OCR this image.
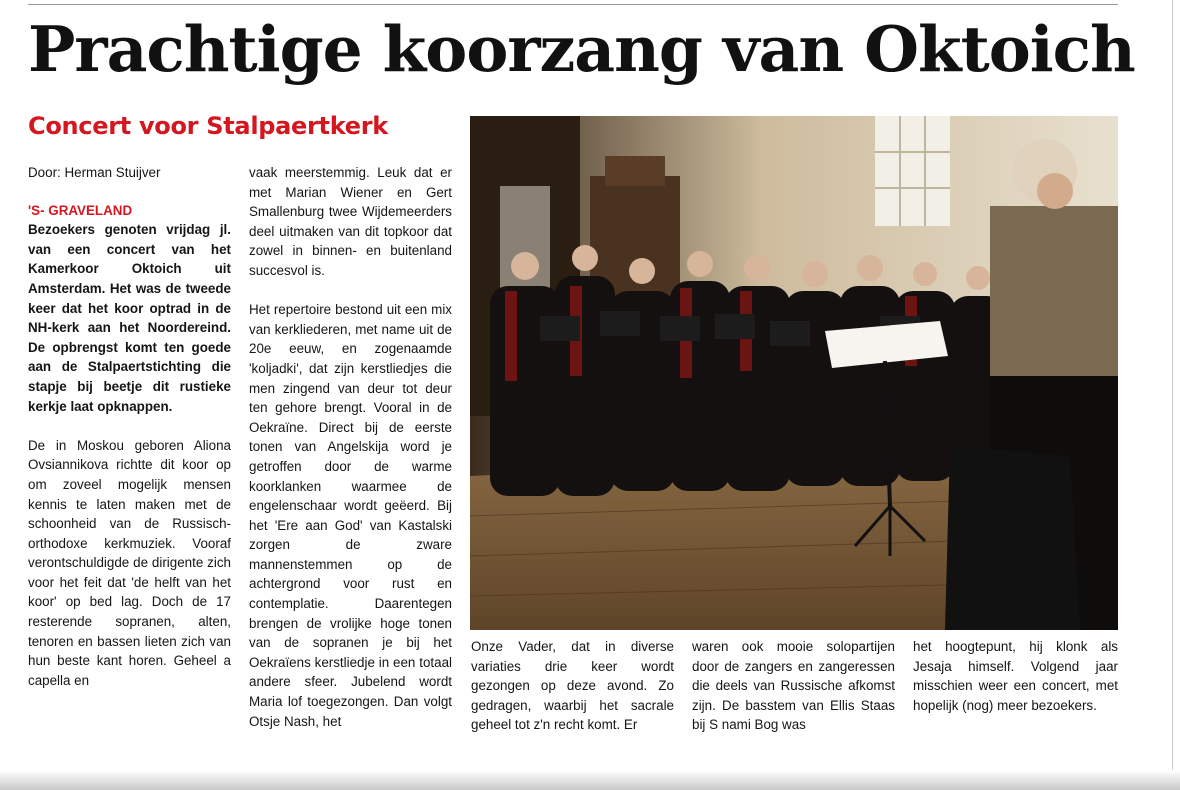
Prachtige koorzang van Oktoich
Concert voor Stalpaertkerk
Door: Herman Stuijver
'S- GRAVELAND

Bezoekers genoten vrijdag jl. van een concert van het Kamerkoor Oktoich uit Amsterdam. Het was de tweede keer dat het koor optrad in de NH-kerk aan het Noordereind. De opbrengst komt ten goede aan de Stalpaertstichting die stapje bij beetje dit rustieke kerkje laat opknappen.

De in Moskou geboren Aliona Ovsiannikova richtte dit koor op om zoveel mogelijk mensen kennis te laten maken met de schoonheid van de Russisch-orthodoxe kerkmuziek. Vooraf verontschuldigde de dirigente zich voor het feit dat 'de helft van het koor' op bed lag. Doch de 17 resterende sopranen, alten, tenoren en bassen lieten zich van hun beste kant horen. Geheel a capella en

vaak meerstemmig. Leuk dat er met Marian Wiener en Gert Smallenburg twee Wijdemeerders deel uitmaken van dit topkoor dat zowel in binnen- en buitenland succesvol is.

Het repertoire bestond uit een mix van kerkliederen, met name uit de 20e eeuw, en zogenaamde 'koljadki', dat zijn kerstliedjes die men zingend van deur tot deur ten gehore brengt. Vooral in de Oekraïne. Direct bij de eerste tonen van Angelskija word je getroffen door de warme koorklanken waarmee de engelenschaar wordt geëerd. Bij het 'Ere aan God' van Kastalski zorgen de zware mannenstemmen op de achtergrond voor rust en contemplatie. Daarentegen brengen de vrolijke hoge tonen van de sopranen je bij het Oekraïens kerstliedje in een totaal andere sfeer. Jubelend wordt Maria lof toegezongen. Dan volgt Otsje Nash, het

Onze Vader, dat in diverse variaties drie keer wordt gezongen op deze avond. Zo gedragen, waarbij het sacrale geheel tot z'n recht komt. Er

waren ook mooie solopartijen door de zangers en zangeressen die deels van Russische afkomst zijn. De basstem van Ellis Staas bij S nami Bog was

het hoogtepunt, hij klonk als Jesaja himself. Volgend jaar misschien weer een concert, met hopelijk (nog) meer bezoekers.
